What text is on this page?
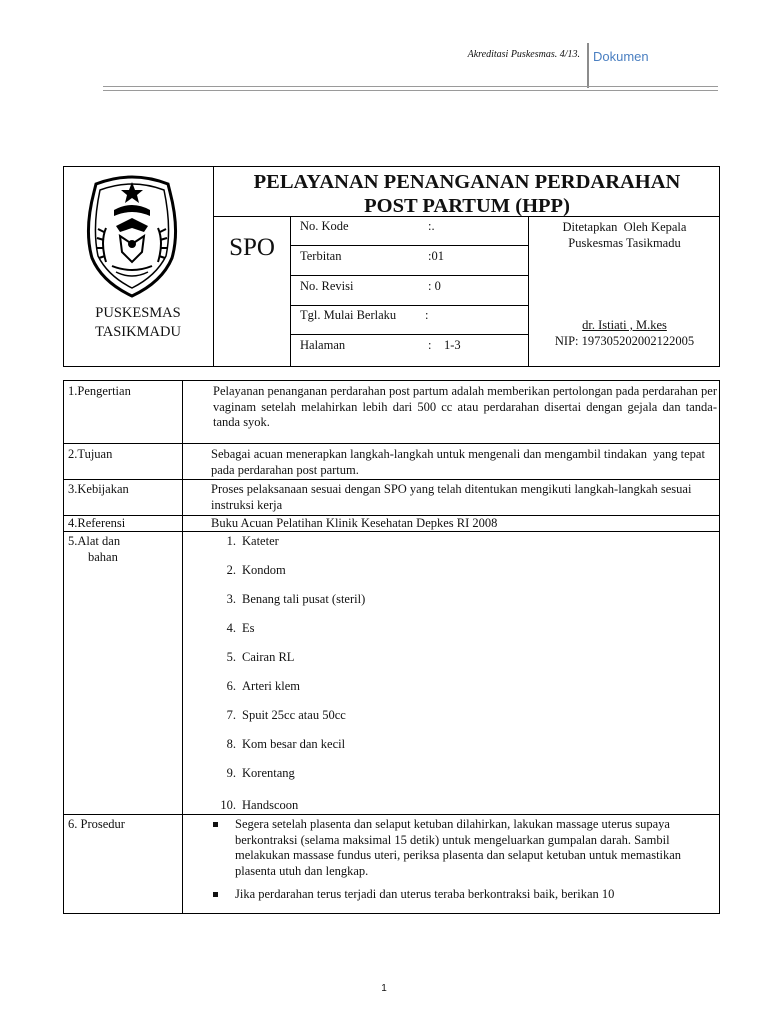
Akreditasi Puskesmas. 4/13. Dokumen
PUSKESMAS
TASIKMADU
PELAYANAN PENANGANAN PERDARAHAN
POST PARTUM (HPP)
SPO
No. Kode	:.
Terbitan	:01
No. Revisi	: 0
Tgl. Mulai Berlaku :
Halaman	:    1-3
Ditetapkan  Oleh Kepala
Puskesmas Tasikmadu
dr. Istiati , M.kes
NIP: 197305202002122005
1.Pengertian	Pelayanan penanganan perdarahan post partum adalah memberikan pertolongan pada perdarahan per vaginam setelah melahirkan lebih dari 500 cc atau perdarahan disertai dengan gejala dan tanda-tanda syok.
2.Tujuan	Sebagai acuan menerapkan langkah-langkah untuk mengenali dan mengambil tindakan  yang tepat pada perdarahan post partum.
3.Kebijakan	Proses pelaksanaan sesuai dengan SPO yang telah ditentukan mengikuti langkah-langkah sesuai instruksi kerja
4.Referensi	Buku Acuan Pelatihan Klinik Kesehatan Depkes RI 2008
5.Alat dan
bahan
1. Kateter
2. Kondom
3. Benang tali pusat (steril)
4. Es
5. Cairan RL
6. Arteri klem
7. Spuit 25cc atau 50cc
8. Kom besar dan kecil
9. Korentang
10. Handscoon
6. Prosedur	Segera setelah plasenta dan selaput ketuban dilahirkan, lakukan massage uterus supaya berkontraksi (selama maksimal 15 detik) untuk mengeluarkan gumpalan darah. Sambil melakukan massase fundus uteri, periksa plasenta dan selaput ketuban untuk memastikan plasenta utuh dan lengkap.
Jika perdarahan terus terjadi dan uterus teraba berkontraksi baik, berikan 10
1
